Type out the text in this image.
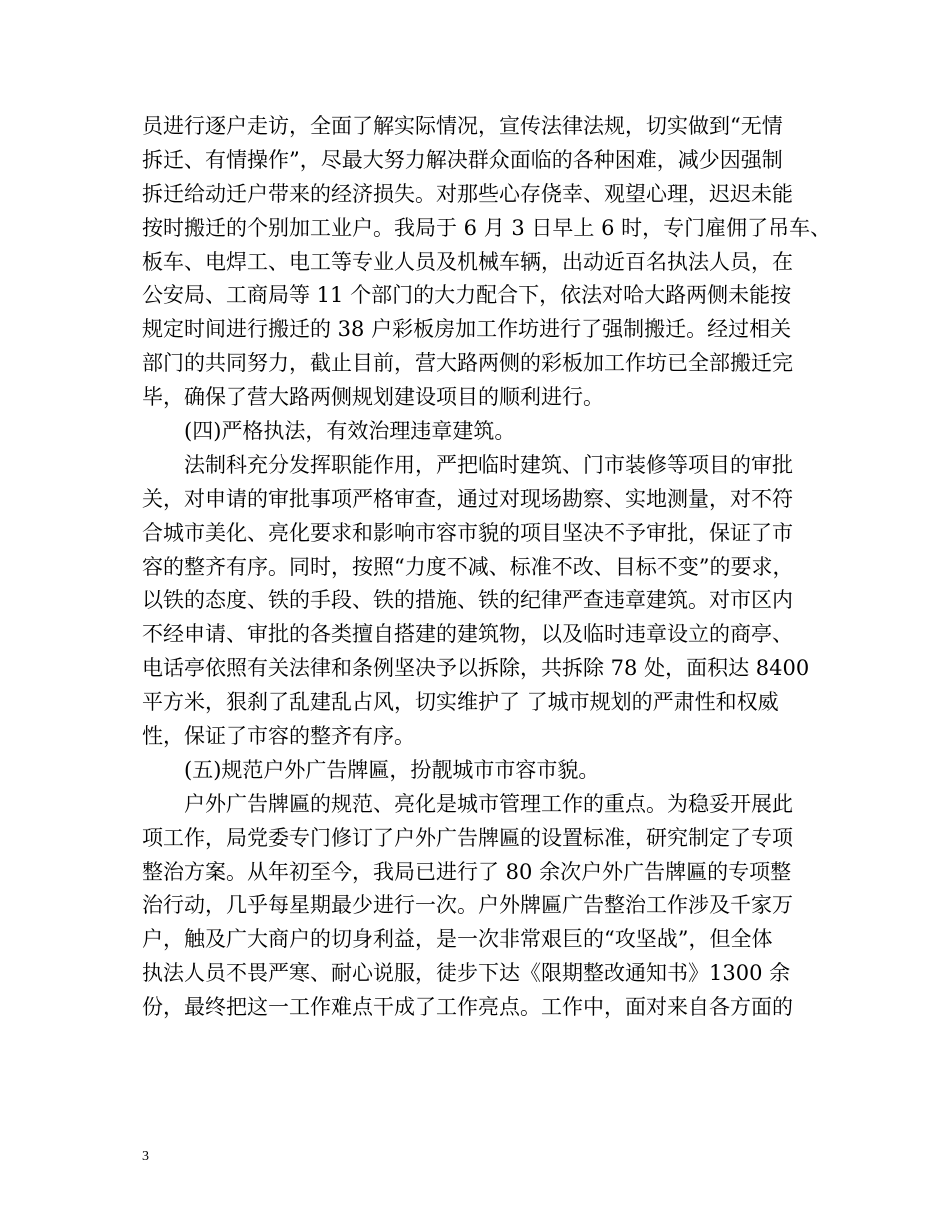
员进行逐户走访，全面了解实际情况，宣传法律法规，切实做到“无情
拆迁、有情操作”，尽最大努力解决群众面临的各种困难，减少因强制
拆迁给动迁户带来的经济损失。对那些心存侥幸、观望心理，迟迟未能
按时搬迁的个别加工业户。我局于 6 月 3 日早上 6 时，专门雇佣了吊车、
板车、电焊工、电工等专业人员及机械车辆，出动近百名执法人员，在
公安局、工商局等 11 个部门的大力配合下，依法对哈大路两侧未能按
规定时间进行搬迁的 38 户彩板房加工作坊进行了强制搬迁。经过相关
部门的共同努力，截止目前，营大路两侧的彩板加工作坊已全部搬迁完
毕，确保了营大路两侧规划建设项目的顺利进行。
　　(四)严格执法，有效治理违章建筑。
　　法制科充分发挥职能作用，严把临时建筑、门市装修等项目的审批
关，对申请的审批事项严格审查，通过对现场勘察、实地测量，对不符
合城市美化、亮化要求和影响市容市貌的项目坚决不予审批，保证了市
容的整齐有序。同时，按照“力度不减、标准不改、目标不变”的要求，
以铁的态度、铁的手段、铁的措施、铁的纪律严查违章建筑。对市区内
不经申请、审批的各类擅自搭建的建筑物，以及临时违章设立的商亭、
电话亭依照有关法律和条例坚决予以拆除，共拆除 78 处，面积达 8400
平方米，狠刹了乱建乱占风，切实维护了 了城市规划的严肃性和权威
性，保证了市容的整齐有序。
　　(五)规范户外广告牌匾，扮靓城市市容市貌。
　　户外广告牌匾的规范、亮化是城市管理工作的重点。为稳妥开展此
项工作，局党委专门修订了户外广告牌匾的设置标准，研究制定了专项
整治方案。从年初至今，我局已进行了 80 余次户外广告牌匾的专项整
治行动，几乎每星期最少进行一次。户外牌匾广告整治工作涉及千家万
户，触及广大商户的切身利益，是一次非常艰巨的“攻坚战”，但全体
执法人员不畏严寒、耐心说服，徒步下达《限期整改通知书》1300 余
份，最终把这一工作难点干成了工作亮点。工作中，面对来自各方面的
3
